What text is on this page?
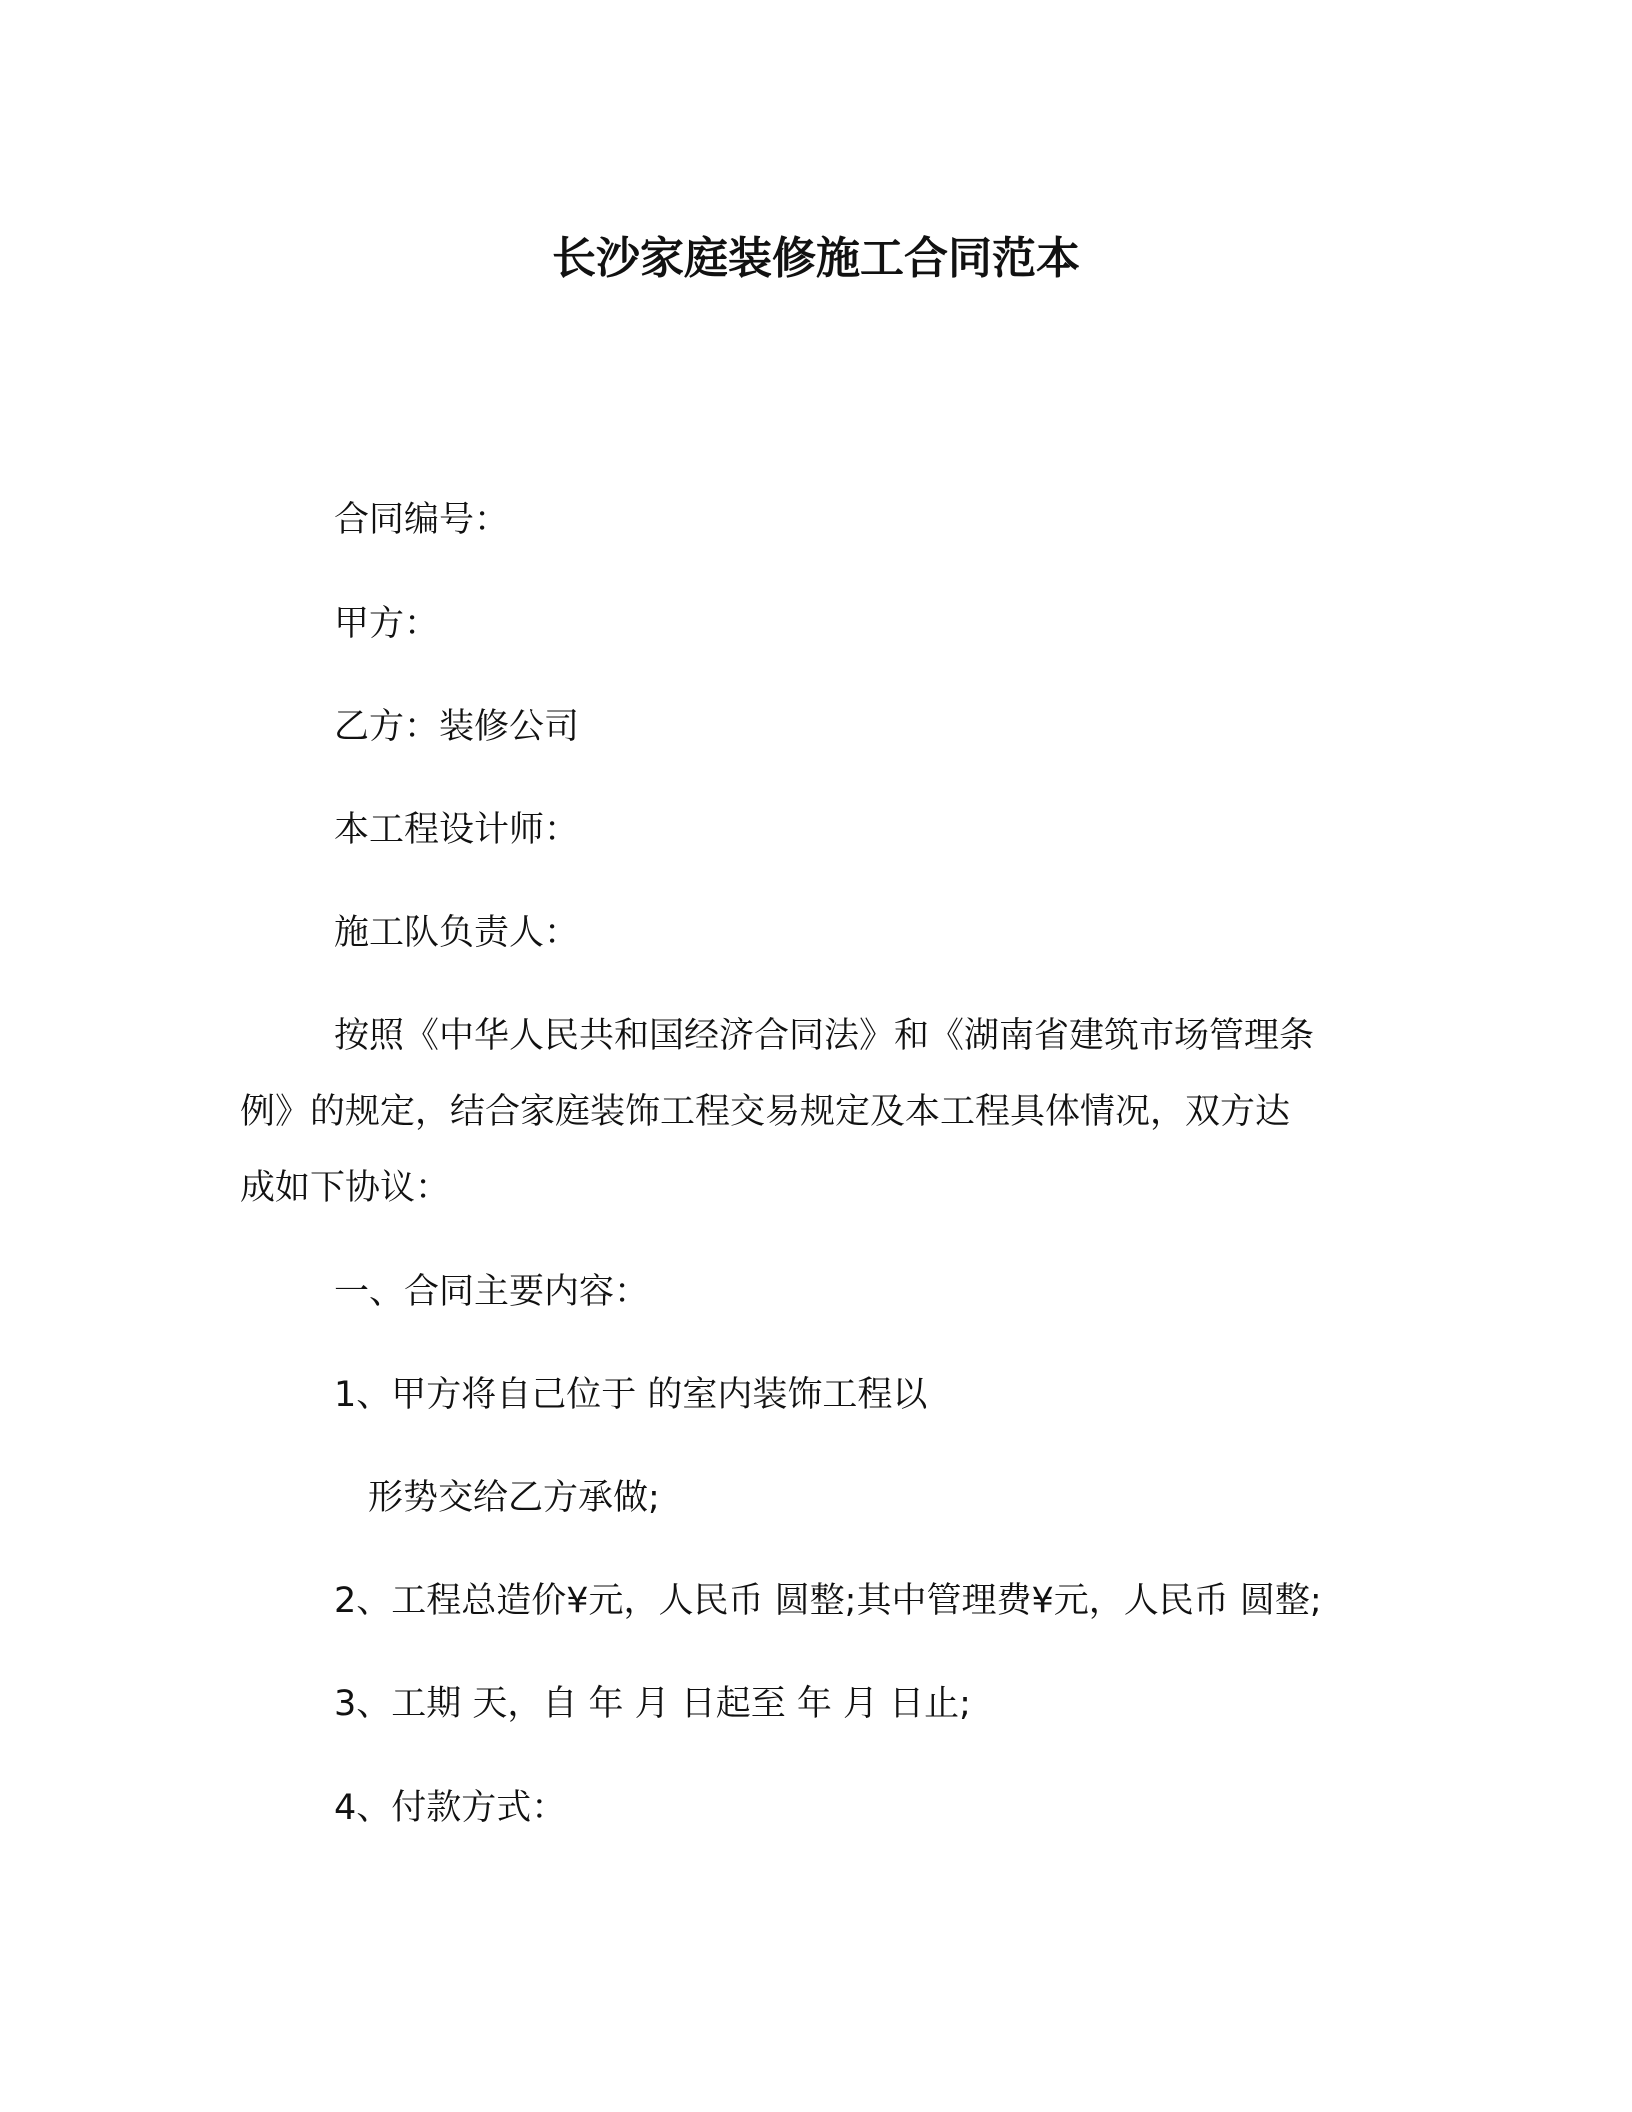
长沙家庭装修施工合同范本
合同编号：
甲方：
乙方：装修公司
本工程设计师：
施工队负责人：
按照《中华人民共和国经济合同法》和《湖南省建筑市场管理条
例》的规定，结合家庭装饰工程交易规定及本工程具体情况，双方达
成如下协议：
一、合同主要内容：
1、甲方将自己位于 的室内装饰工程以
形势交给乙方承做;
2、工程总造价¥元，人民币 圆整;其中管理费¥元，人民币 圆整;
3、工期 天，自 年 月 日起至 年 月 日止;
4、付款方式：
